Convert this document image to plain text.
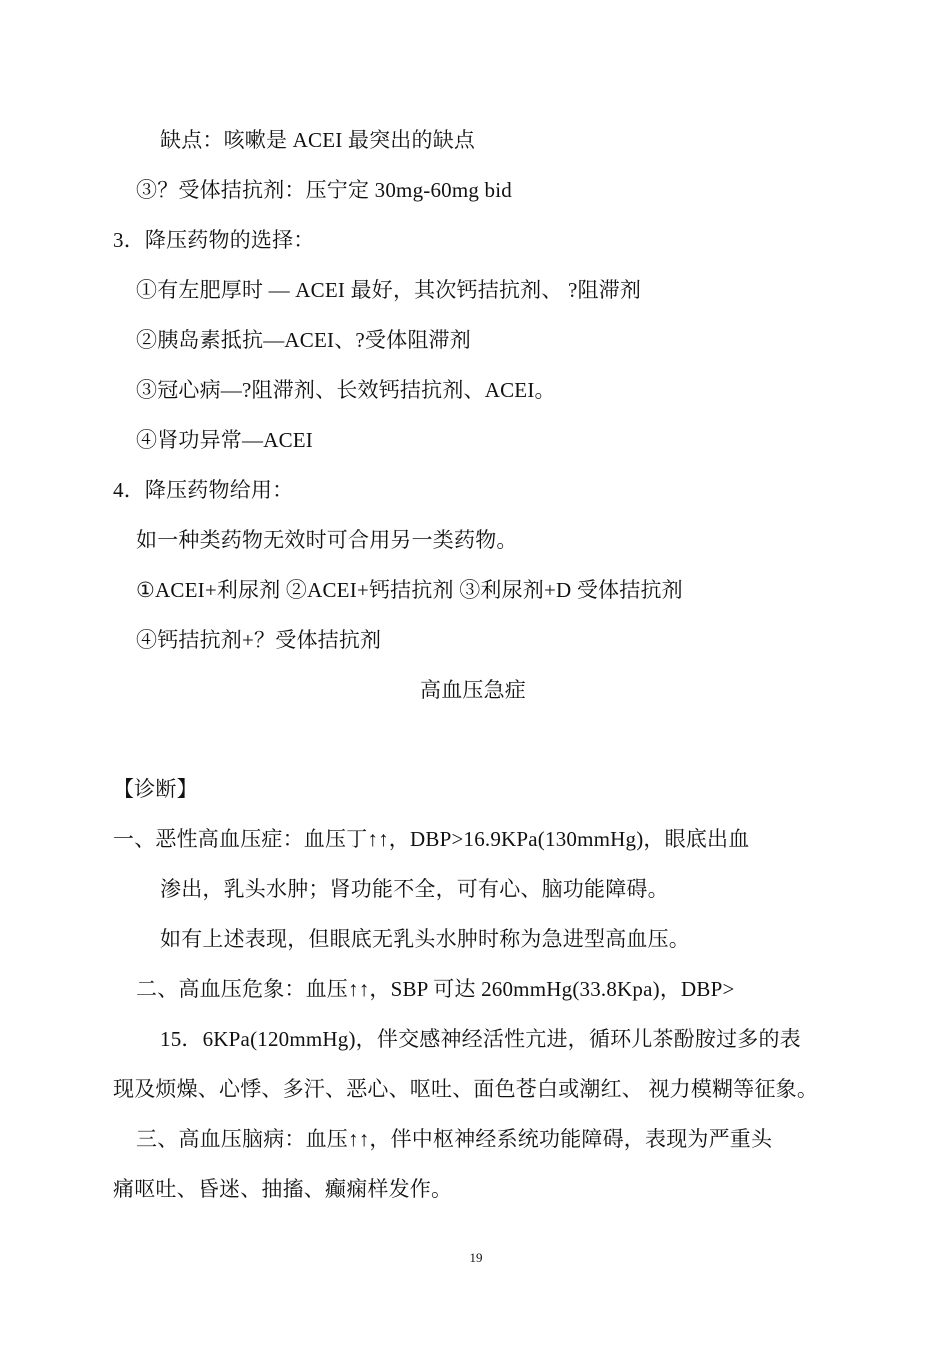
缺点：咳嗽是 ACEI 最突出的缺点
③？受体拮抗剂：压宁定 30mg-60mg bid
3．降压药物的选择：
①有左肥厚时 — ACEI 最好，其次钙拮抗剂、 ?阻滞剂
②胰岛素抵抗—ACEI、?受体阻滞剂
③冠心病—?阻滞剂、长效钙拮抗剂、ACEI。
④肾功异常—ACEI
4．降压药物给用：
如一种类药物无效时可合用另一类药物。
①ACEI+利尿剂 ②ACEI+钙拮抗剂 ③利尿剂+D 受体拮抗剂
④钙拮抗剂+？受体拮抗剂
高血压急症
【诊断】
一、恶性高血压症：血压丁↑↑，DBP>16.9KPa(130mmHg)，眼底出血
渗出，乳头水肿；肾功能不全，可有心、脑功能障碍。
如有上述表现，但眼底无乳头水肿时称为急进型高血压。
二、高血压危象：血压↑↑，SBP 可达 260mmHg(33.8Kpa)，DBP>
15．6KPa(120mmHg)，伴交感神经活性亢进，循环儿茶酚胺过多的表
现及烦燥、心悸、多汗、恶心、呕吐、面色苍白或潮红、 视力模糊等征象。
三、高血压脑病：血压↑↑，伴中枢神经系统功能障碍，表现为严重头
痛呕吐、昏迷、抽搐、癫痫样发作。
19
